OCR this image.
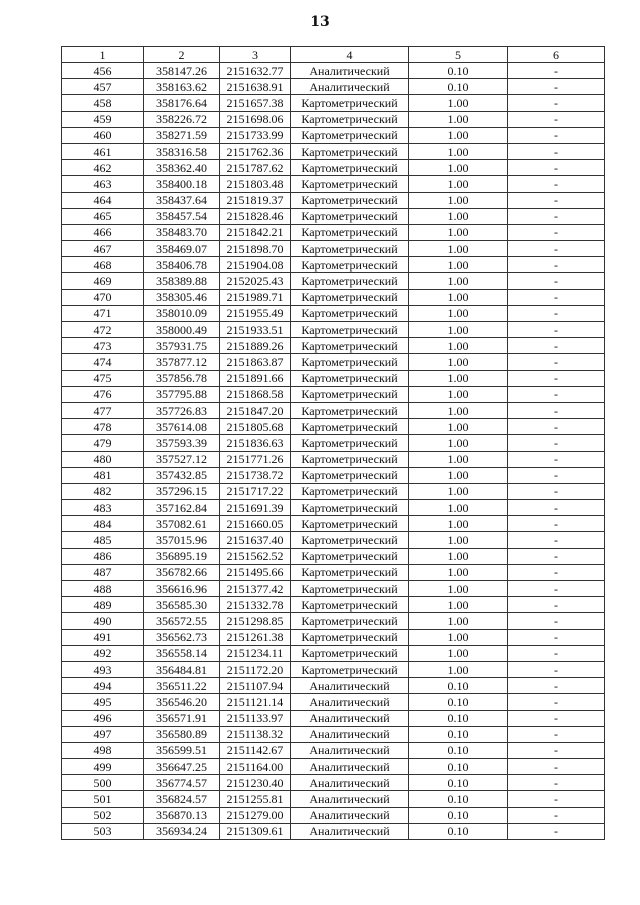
13
1	2	3	4	5	6
456	358147.26	2151632.77	Аналитический	0.10	-
457	358163.62	2151638.91	Аналитический	0.10	-
458	358176.64	2151657.38	Картометрический	1.00	-
459	358226.72	2151698.06	Картометрический	1.00	-
460	358271.59	2151733.99	Картометрический	1.00	-
461	358316.58	2151762.36	Картометрический	1.00	-
462	358362.40	2151787.62	Картометрический	1.00	-
463	358400.18	2151803.48	Картометрический	1.00	-
464	358437.64	2151819.37	Картометрический	1.00	-
465	358457.54	2151828.46	Картометрический	1.00	-
466	358483.70	2151842.21	Картометрический	1.00	-
467	358469.07	2151898.70	Картометрический	1.00	-
468	358406.78	2151904.08	Картометрический	1.00	-
469	358389.88	2152025.43	Картометрический	1.00	-
470	358305.46	2151989.71	Картометрический	1.00	-
471	358010.09	2151955.49	Картометрический	1.00	-
472	358000.49	2151933.51	Картометрический	1.00	-
473	357931.75	2151889.26	Картометрический	1.00	-
474	357877.12	2151863.87	Картометрический	1.00	-
475	357856.78	2151891.66	Картометрический	1.00	-
476	357795.88	2151868.58	Картометрический	1.00	-
477	357726.83	2151847.20	Картометрический	1.00	-
478	357614.08	2151805.68	Картометрический	1.00	-
479	357593.39	2151836.63	Картометрический	1.00	-
480	357527.12	2151771.26	Картометрический	1.00	-
481	357432.85	2151738.72	Картометрический	1.00	-
482	357296.15	2151717.22	Картометрический	1.00	-
483	357162.84	2151691.39	Картометрический	1.00	-
484	357082.61	2151660.05	Картометрический	1.00	-
485	357015.96	2151637.40	Картометрический	1.00	-
486	356895.19	2151562.52	Картометрический	1.00	-
487	356782.66	2151495.66	Картометрический	1.00	-
488	356616.96	2151377.42	Картометрический	1.00	-
489	356585.30	2151332.78	Картометрический	1.00	-
490	356572.55	2151298.85	Картометрический	1.00	-
491	356562.73	2151261.38	Картометрический	1.00	-
492	356558.14	2151234.11	Картометрический	1.00	-
493	356484.81	2151172.20	Картометрический	1.00	-
494	356511.22	2151107.94	Аналитический	0.10	-
495	356546.20	2151121.14	Аналитический	0.10	-
496	356571.91	2151133.97	Аналитический	0.10	-
497	356580.89	2151138.32	Аналитический	0.10	-
498	356599.51	2151142.67	Аналитический	0.10	-
499	356647.25	2151164.00	Аналитический	0.10	-
500	356774.57	2151230.40	Аналитический	0.10	-
501	356824.57	2151255.81	Аналитический	0.10	-
502	356870.13	2151279.00	Аналитический	0.10	-
503	356934.24	2151309.61	Аналитический	0.10	-
